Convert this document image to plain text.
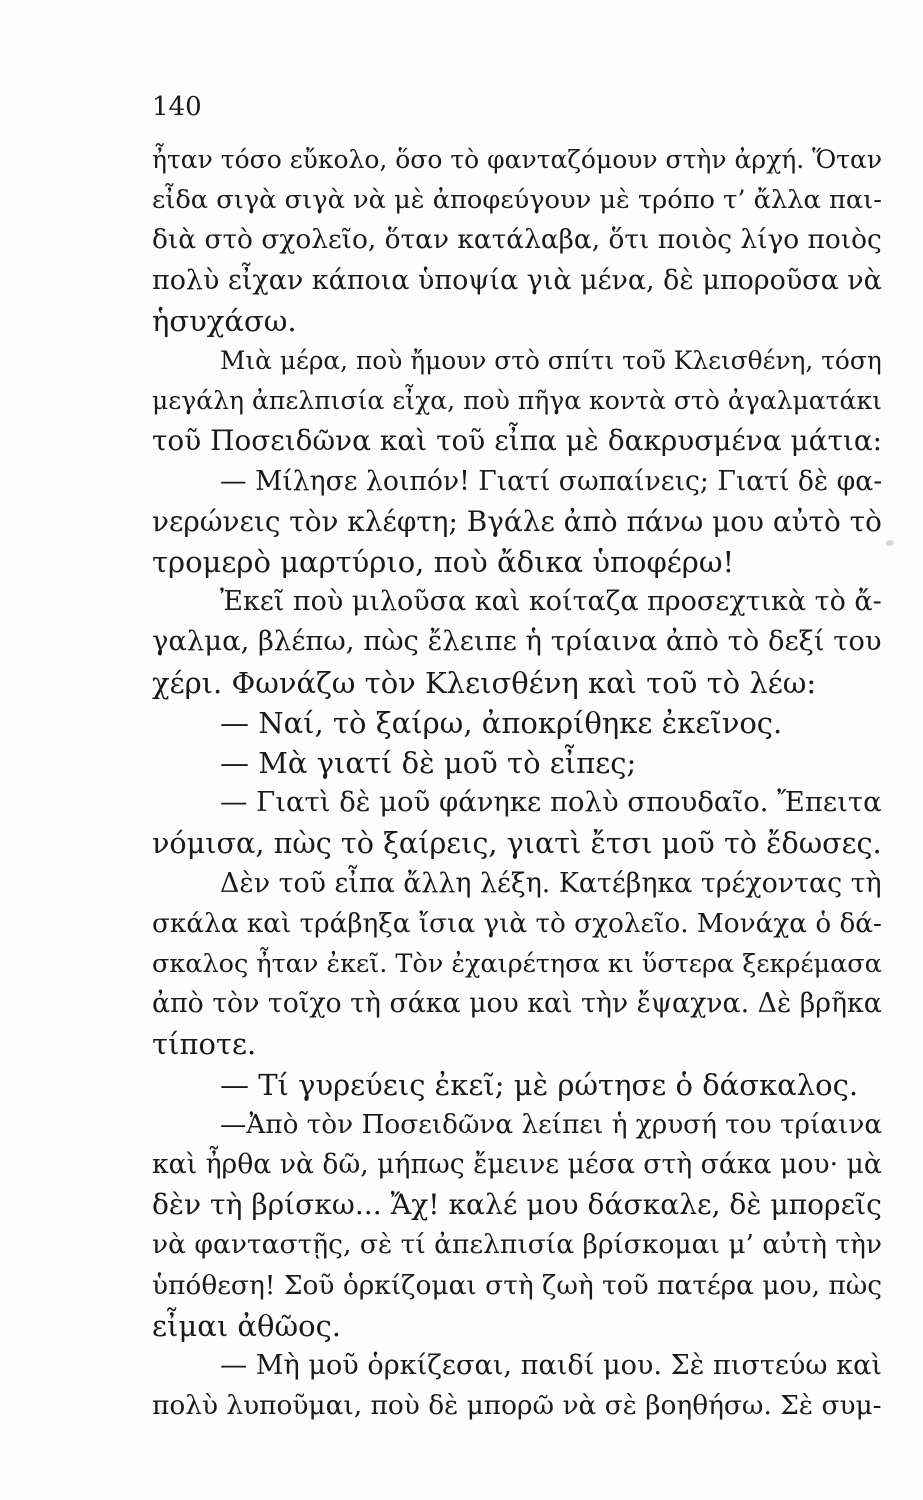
140
ἦταν τόσο εὔκολο, ὅσο τὸ φανταζόμουν στὴν ἀρχή. Ὅταν
εἶδα σιγὰ σιγὰ νὰ μὲ ἀποφεύγουν μὲ τρόπο τ’ ἄλλα παι-
διὰ στὸ σχολεῖο, ὅταν κατάλαβα, ὅτι ποιὸς λίγο ποιὸς
πολὺ εἶχαν κάποια ὑποψία γιὰ μένα, δὲ μποροῦσα νὰ
ἡσυχάσω.
Μιὰ μέρα, ποὺ ἤμουν στὸ σπίτι τοῦ Κλεισθένη, τόση
μεγάλη ἀπελπισία εἶχα, ποὺ πῆγα κοντὰ στὸ ἀγαλματάκι
τοῦ Ποσειδῶνα καὶ τοῦ εἶπα μὲ δακρυσμένα μάτια:
— Μίλησε λοιπόν! Γιατί σωπαίνεις; Γιατί δὲ φα-
νερώνεις τὸν κλέφτη; Βγάλε ἀπὸ πάνω μου αὐτὸ τὸ
τρομερὸ μαρτύριο, ποὺ ἄδικα ὑποφέρω!
Ἐκεῖ ποὺ μιλοῦσα καὶ κοίταζα προσεχτικὰ τὸ ἄ-
γαλμα, βλέπω, πὼς ἔλειπε ἡ τρίαινα ἀπὸ τὸ δεξί του
χέρι. Φωνάζω τὸν Κλεισθένη καὶ τοῦ τὸ λέω:
— Ναί, τὸ ξαίρω, ἀποκρίθηκε ἐκεῖνος.
— Μὰ γιατί δὲ μοῦ τὸ εἶπες;
— Γιατὶ δὲ μοῦ φάνηκε πολὺ σπουδαῖο. Ἔπειτα
νόμισα, πὼς τὸ ξαίρεις, γιατὶ ἔτσι μοῦ τὸ ἔδωσες.
Δὲν τοῦ εἶπα ἄλλη λέξη. Κατέβηκα τρέχοντας τὴ
σκάλα καὶ τράβηξα ἴσια γιὰ τὸ σχολεῖο. Μονάχα ὁ δά-
σκαλος ἦταν ἐκεῖ. Τὸν ἐχαιρέτησα κι ὕστερα ξεκρέμασα
ἀπὸ τὸν τοῖχο τὴ σάκα μου καὶ τὴν ἔψαχνα. Δὲ βρῆκα
τίποτε.
— Τί γυρεύεις ἐκεῖ; μὲ ρώτησε ὁ δάσκαλος.
—Ἀπὸ τὸν Ποσειδῶνα λείπει ἡ χρυσή του τρίαινα
καὶ ἦρθα νὰ δῶ, μήπως ἔμεινε μέσα στὴ σάκα μου· μὰ
δὲν τὴ βρίσκω... Ἄχ! καλέ μου δάσκαλε, δὲ μπορεῖς
νὰ φανταστῇς, σὲ τί ἀπελπισία βρίσκομαι μ’ αὐτὴ τὴν
ὑπόθεση! Σοῦ ὁρκίζομαι στὴ ζωὴ τοῦ πατέρα μου, πὼς
εἶμαι ἀθῶος.
— Μὴ μοῦ ὁρκίζεσαι, παιδί μου. Σὲ πιστεύω καὶ
πολὺ λυποῦμαι, ποὺ δὲ μπορῶ νὰ σὲ βοηθήσω. Σὲ συμ-
